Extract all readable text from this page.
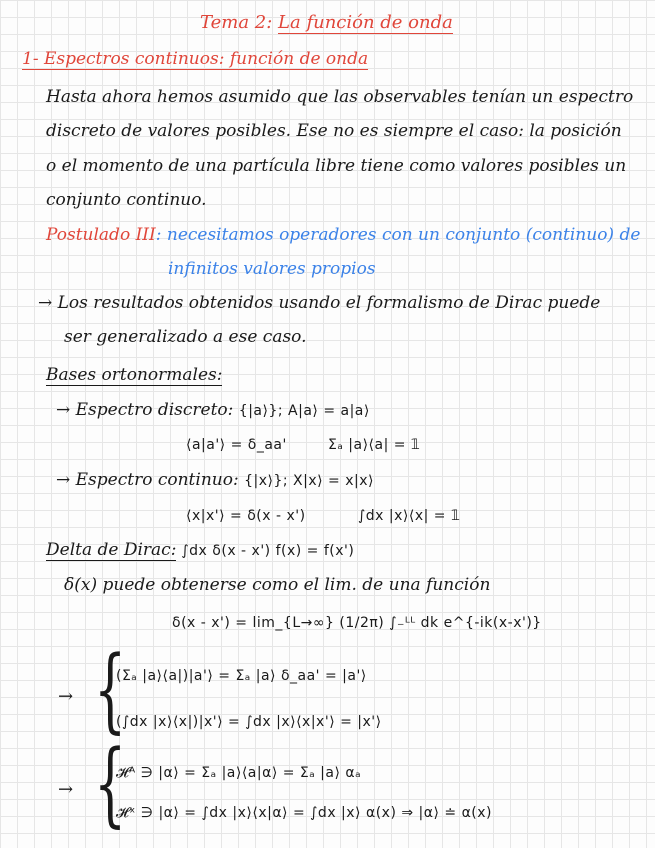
Tema 2: La función de onda
1- Espectros continuos: función de onda
Hasta ahora hemos asumido que las observables tenían un espectro
discreto de valores posibles. Ese no es siempre el caso: la posición
o el momento de una partícula libre tiene como valores posibles un
conjunto continuo.
Postulado III: necesitamos operadores con un conjunto (continuo) de
infinitos valores propios
→ Los resultados obtenidos usando el formalismo de Dirac puede
ser generalizado a ese caso.
Bases ortonormales:
→ Espectro discreto: {|a⟩}; A|a⟩ = a|a⟩
⟨a|a'⟩ = δ_aa'	Σₐ |a⟩⟨a| = 𝟙
→ Espectro continuo: {|x⟩}; X|x⟩ = x|x⟩
⟨x|x'⟩ = δ(x - x')	∫dx |x⟩⟨x| = 𝟙
Delta de Dirac: ∫dx δ(x - x') f(x) = f(x')
δ(x) puede obtenerse como el lim. de una función
δ(x - x') = lim_{L→∞} (1/2π) ∫₋ᴸᴸ dk e^{-ik(x-x')}
→ {
(Σₐ |a⟩⟨a|)|a'⟩ = Σₐ |a⟩ δ_aa' = |a'⟩
(∫dx |x⟩⟨x|)|x'⟩ = ∫dx |x⟩⟨x|x'⟩ = |x'⟩
→ {
𝓗ᴬ ∋ |α⟩ = Σₐ |a⟩⟨a|α⟩ = Σₐ |a⟩ αₐ
𝓗ˣ ∋ |α⟩ = ∫dx |x⟩⟨x|α⟩ = ∫dx |x⟩ α(x) ⇒ |α⟩ ≐ α(x)
